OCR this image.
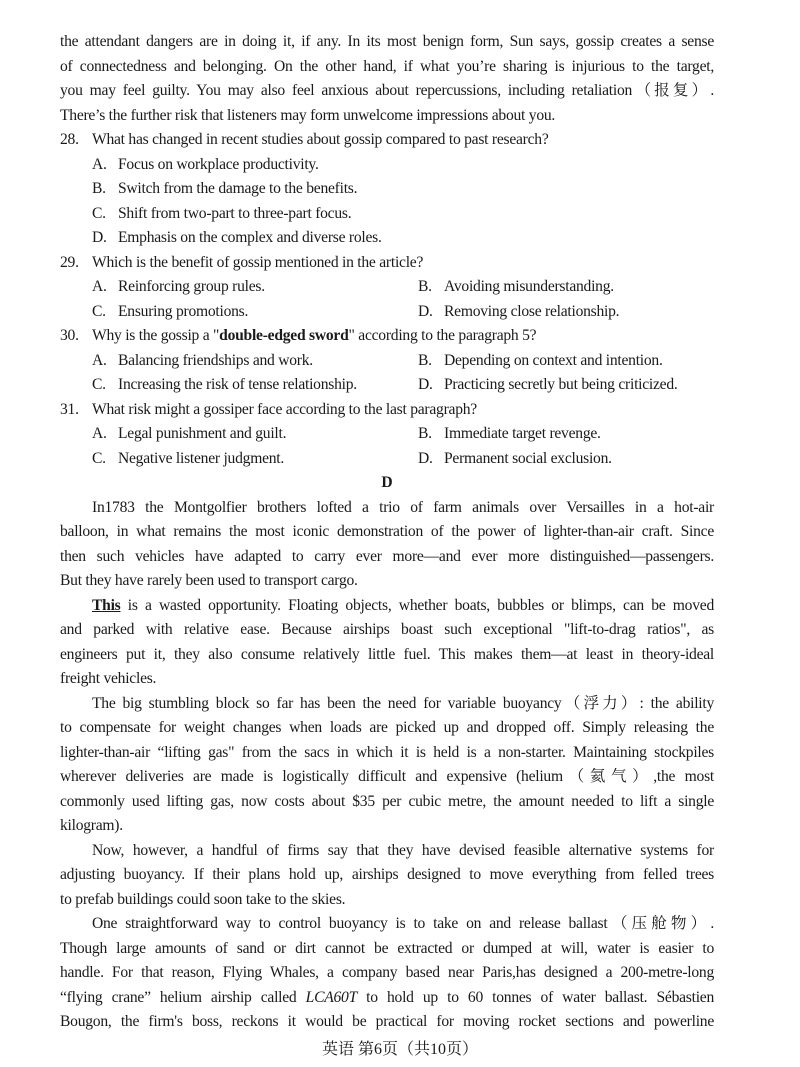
the attendant dangers are in doing it, if any. In its most benign form, Sun says, gossip creates a sense
of connectedness and belonging. On the other hand, if what you’re sharing is injurious to the target,
you may feel guilty. You may also feel anxious about repercussions, including retaliation（报复）.
There’s the further risk that listeners may form unwelcome impressions about you.
28. What has changed in recent studies about gossip compared to past research?
A. Focus on workplace productivity.
B. Switch from the damage to the benefits.
C. Shift from two-part to three-part focus.
D. Emphasis on the complex and diverse roles.
29. Which is the benefit of gossip mentioned in the article?
A. Reinforcing group rules.	B. Avoiding misunderstanding.
C. Ensuring promotions.	D. Removing close relationship.
30. Why is the gossip a "double-edged sword" according to the paragraph 5?
A. Balancing friendships and work.	B. Depending on context and intention.
C. Increasing the risk of tense relationship.	D. Practicing secretly but being criticized.
31. What risk might a gossiper face according to the last paragraph?
A. Legal punishment and guilt.	B. Immediate target revenge.
C. Negative listener judgment.	D. Permanent social exclusion.
D
In1783 the Montgolfier brothers lofted a trio of farm animals over Versailles in a hot-air
balloon, in what remains the most iconic demonstration of the power of lighter-than-air craft. Since
then such vehicles have adapted to carry ever more—and ever more distinguished—passengers.
But they have rarely been used to transport cargo.
This is a wasted opportunity. Floating objects, whether boats, bubbles or blimps, can be moved
and parked with relative ease. Because airships boast such exceptional "lift-to-drag ratios", as
engineers put it, they also consume relatively little fuel. This makes them—at least in theory-ideal
freight vehicles.
The big stumbling block so far has been the need for variable buoyancy（浮力）: the ability
to compensate for weight changes when loads are picked up and dropped off. Simply releasing the
lighter-than-air “lifting gas" from the sacs in which it is held is a non-starter. Maintaining stockpiles
wherever deliveries are made is logistically difficult and expensive (helium（氦气）,the most
commonly used lifting gas, now costs about $35 per cubic metre, the amount needed to lift a single
kilogram).
Now, however, a handful of firms say that they have devised feasible alternative systems for
adjusting buoyancy. If their plans hold up, airships designed to move everything from felled trees
to prefab buildings could soon take to the skies.
One straightforward way to control buoyancy is to take on and release ballast（压舱物）.
Though large amounts of sand or dirt cannot be extracted or dumped at will, water is easier to
handle. For that reason, Flying Whales, a company based near Paris,has designed a 200-metre-long
“flying crane” helium airship called LCA60T to hold up to 60 tonnes of water ballast. Sébastien
Bougon, the firm's boss, reckons it would be practical for moving rocket sections and powerline
英语 第6页（共10页）
